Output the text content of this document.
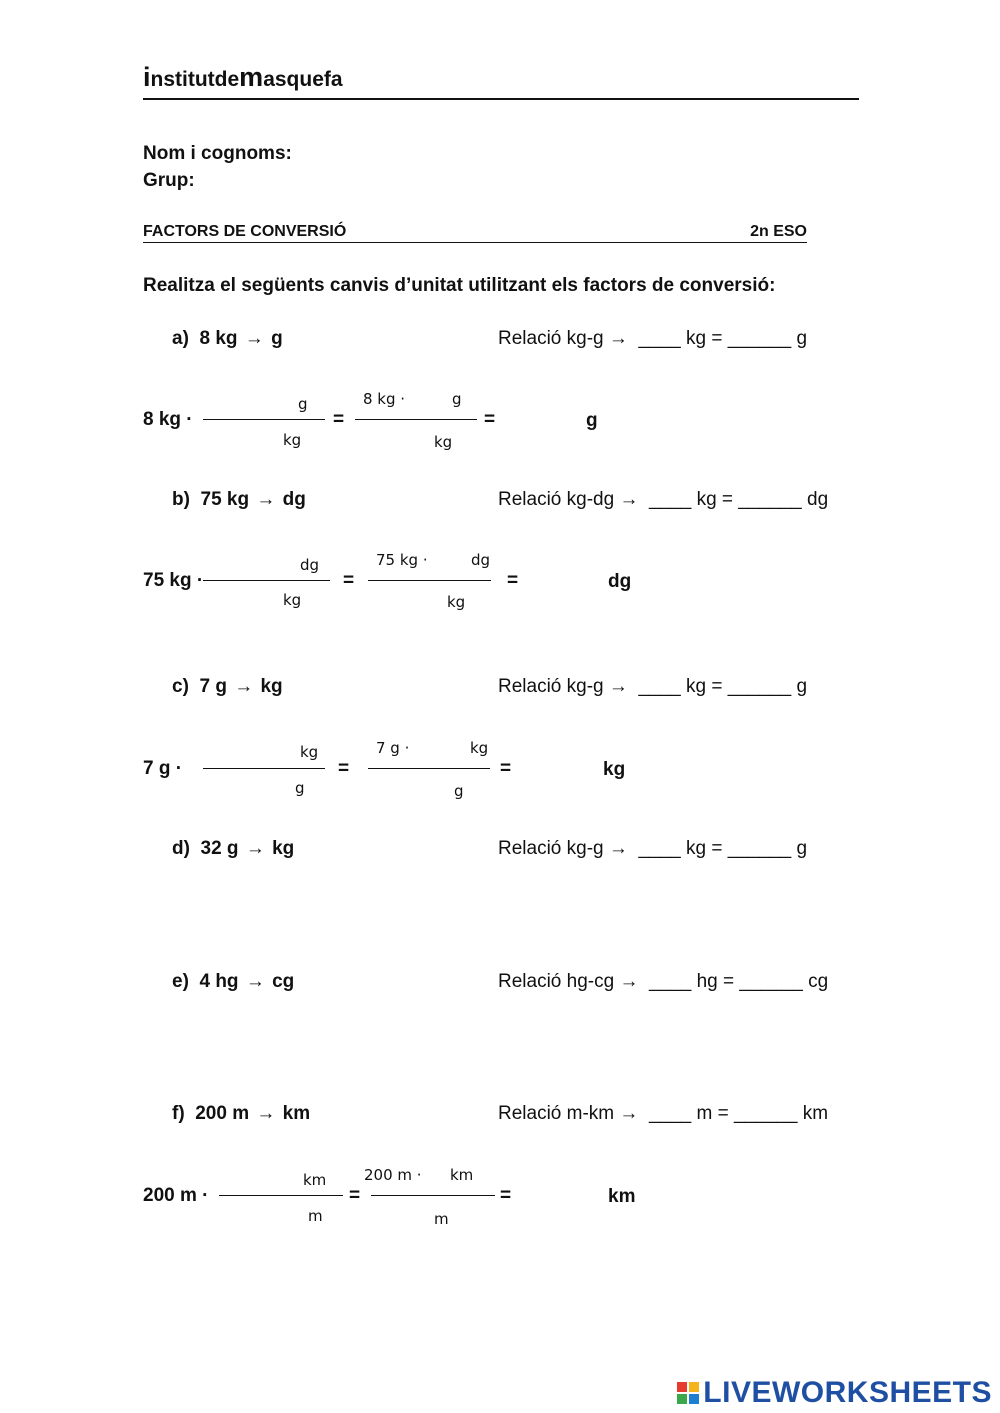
institutdemasquefa
Nom i cognoms:
Grup:
FACTORS DE CONVERSIÓ	2n ESO
Realitza el següents canvis d’unitat utilitzant els factors de conversió:
a) 8 kg → g	Relació kg-g → ____ kg = ______ g
8 kg ·
g
kg
=
8 kg ·	g
kg
=	g
b) 75 kg → dg	Relació kg-dg → ____ kg = ______ dg
75 kg ·
dg
kg
=
75 kg ·	dg
kg
=	dg
c) 7 g → kg	Relació kg-g → ____ kg = ______ g
7 g ·
kg
g
=
7 g ·	kg
g
=	kg
d) 32 g → kg	Relació kg-g → ____ kg = ______ g
e) 4 hg → cg	Relació hg-cg → ____ hg = ______ cg
f) 200 m → km	Relació m-km → ____ m = ______ km
200 m ·
km
m
=
200 m · km
m
=	km
LIVEWORKSHEETS
